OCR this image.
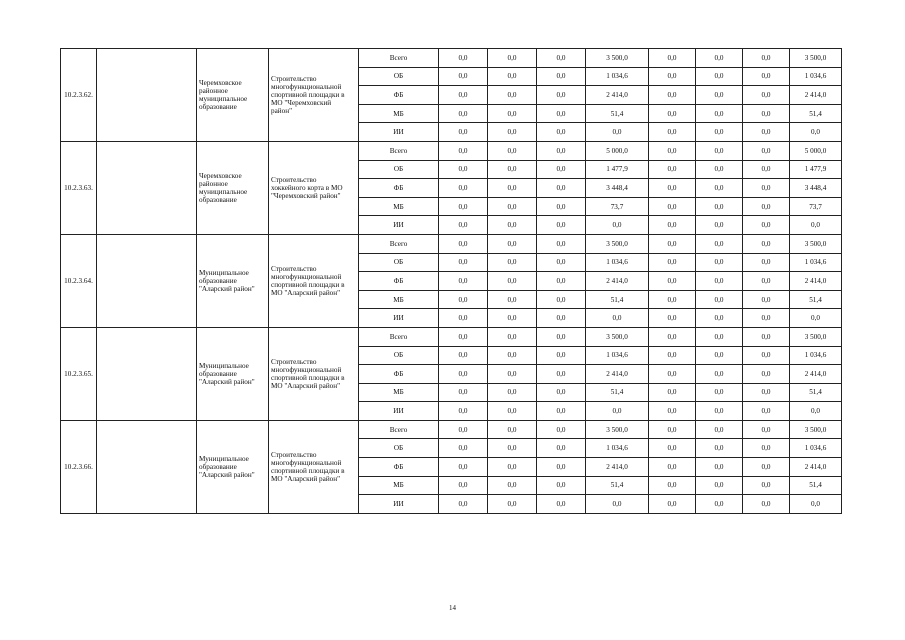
10.2.3.62.		Черемховское
районное
муниципальное
образование	Строительство
многофункциональной
спортивной площадки в
МО "Черемховский
район"	Всего	0,0	0,0	0,0	3 500,0	0,0	0,0	0,0	3 500,0
				ОБ	0,0	0,0	0,0	1 034,6	0,0	0,0	0,0	1 034,6
				ФБ	0,0	0,0	0,0	2 414,0	0,0	0,0	0,0	2 414,0
				МБ	0,0	0,0	0,0	51,4	0,0	0,0	0,0	51,4
				ИИ	0,0	0,0	0,0	0,0	0,0	0,0	0,0	0,0
10.2.3.63.		Черемховское
районное
муниципальное
образование	Строительство
хоккейного корта в МО
"Черемховский район"	Всего	0,0	0,0	0,0	5 000,0	0,0	0,0	0,0	5 000,0
				ОБ	0,0	0,0	0,0	1 477,9	0,0	0,0	0,0	1 477,9
				ФБ	0,0	0,0	0,0	3 448,4	0,0	0,0	0,0	3 448,4
				МБ	0,0	0,0	0,0	73,7	0,0	0,0	0,0	73,7
				ИИ	0,0	0,0	0,0	0,0	0,0	0,0	0,0	0,0
10.2.3.64.		Муниципальное
образование
"Аларский район"	Строительство
многофункциональной
спортивной площадки в
МО "Аларский район"	Всего	0,0	0,0	0,0	3 500,0	0,0	0,0	0,0	3 500,0
				ОБ	0,0	0,0	0,0	1 034,6	0,0	0,0	0,0	1 034,6
				ФБ	0,0	0,0	0,0	2 414,0	0,0	0,0	0,0	2 414,0
				МБ	0,0	0,0	0,0	51,4	0,0	0,0	0,0	51,4
				ИИ	0,0	0,0	0,0	0,0	0,0	0,0	0,0	0,0
10.2.3.65.		Муниципальное
образование
"Аларский район"	Строительство
многофункциональной
спортивной площадки в
МО "Аларский район"	Всего	0,0	0,0	0,0	3 500,0	0,0	0,0	0,0	3 500,0
				ОБ	0,0	0,0	0,0	1 034,6	0,0	0,0	0,0	1 034,6
				ФБ	0,0	0,0	0,0	2 414,0	0,0	0,0	0,0	2 414,0
				МБ	0,0	0,0	0,0	51,4	0,0	0,0	0,0	51,4
				ИИ	0,0	0,0	0,0	0,0	0,0	0,0	0,0	0,0
10.2.3.66.		Муниципальное
образование
"Аларский район"	Строительство
многофункциональной
спортивной площадки в
МО "Аларский район"	Всего	0,0	0,0	0,0	3 500,0	0,0	0,0	0,0	3 500,0
				ОБ	0,0	0,0	0,0	1 034,6	0,0	0,0	0,0	1 034,6
				ФБ	0,0	0,0	0,0	2 414,0	0,0	0,0	0,0	2 414,0
				МБ	0,0	0,0	0,0	51,4	0,0	0,0	0,0	51,4
				ИИ	0,0	0,0	0,0	0,0	0,0	0,0	0,0	0,0
14
